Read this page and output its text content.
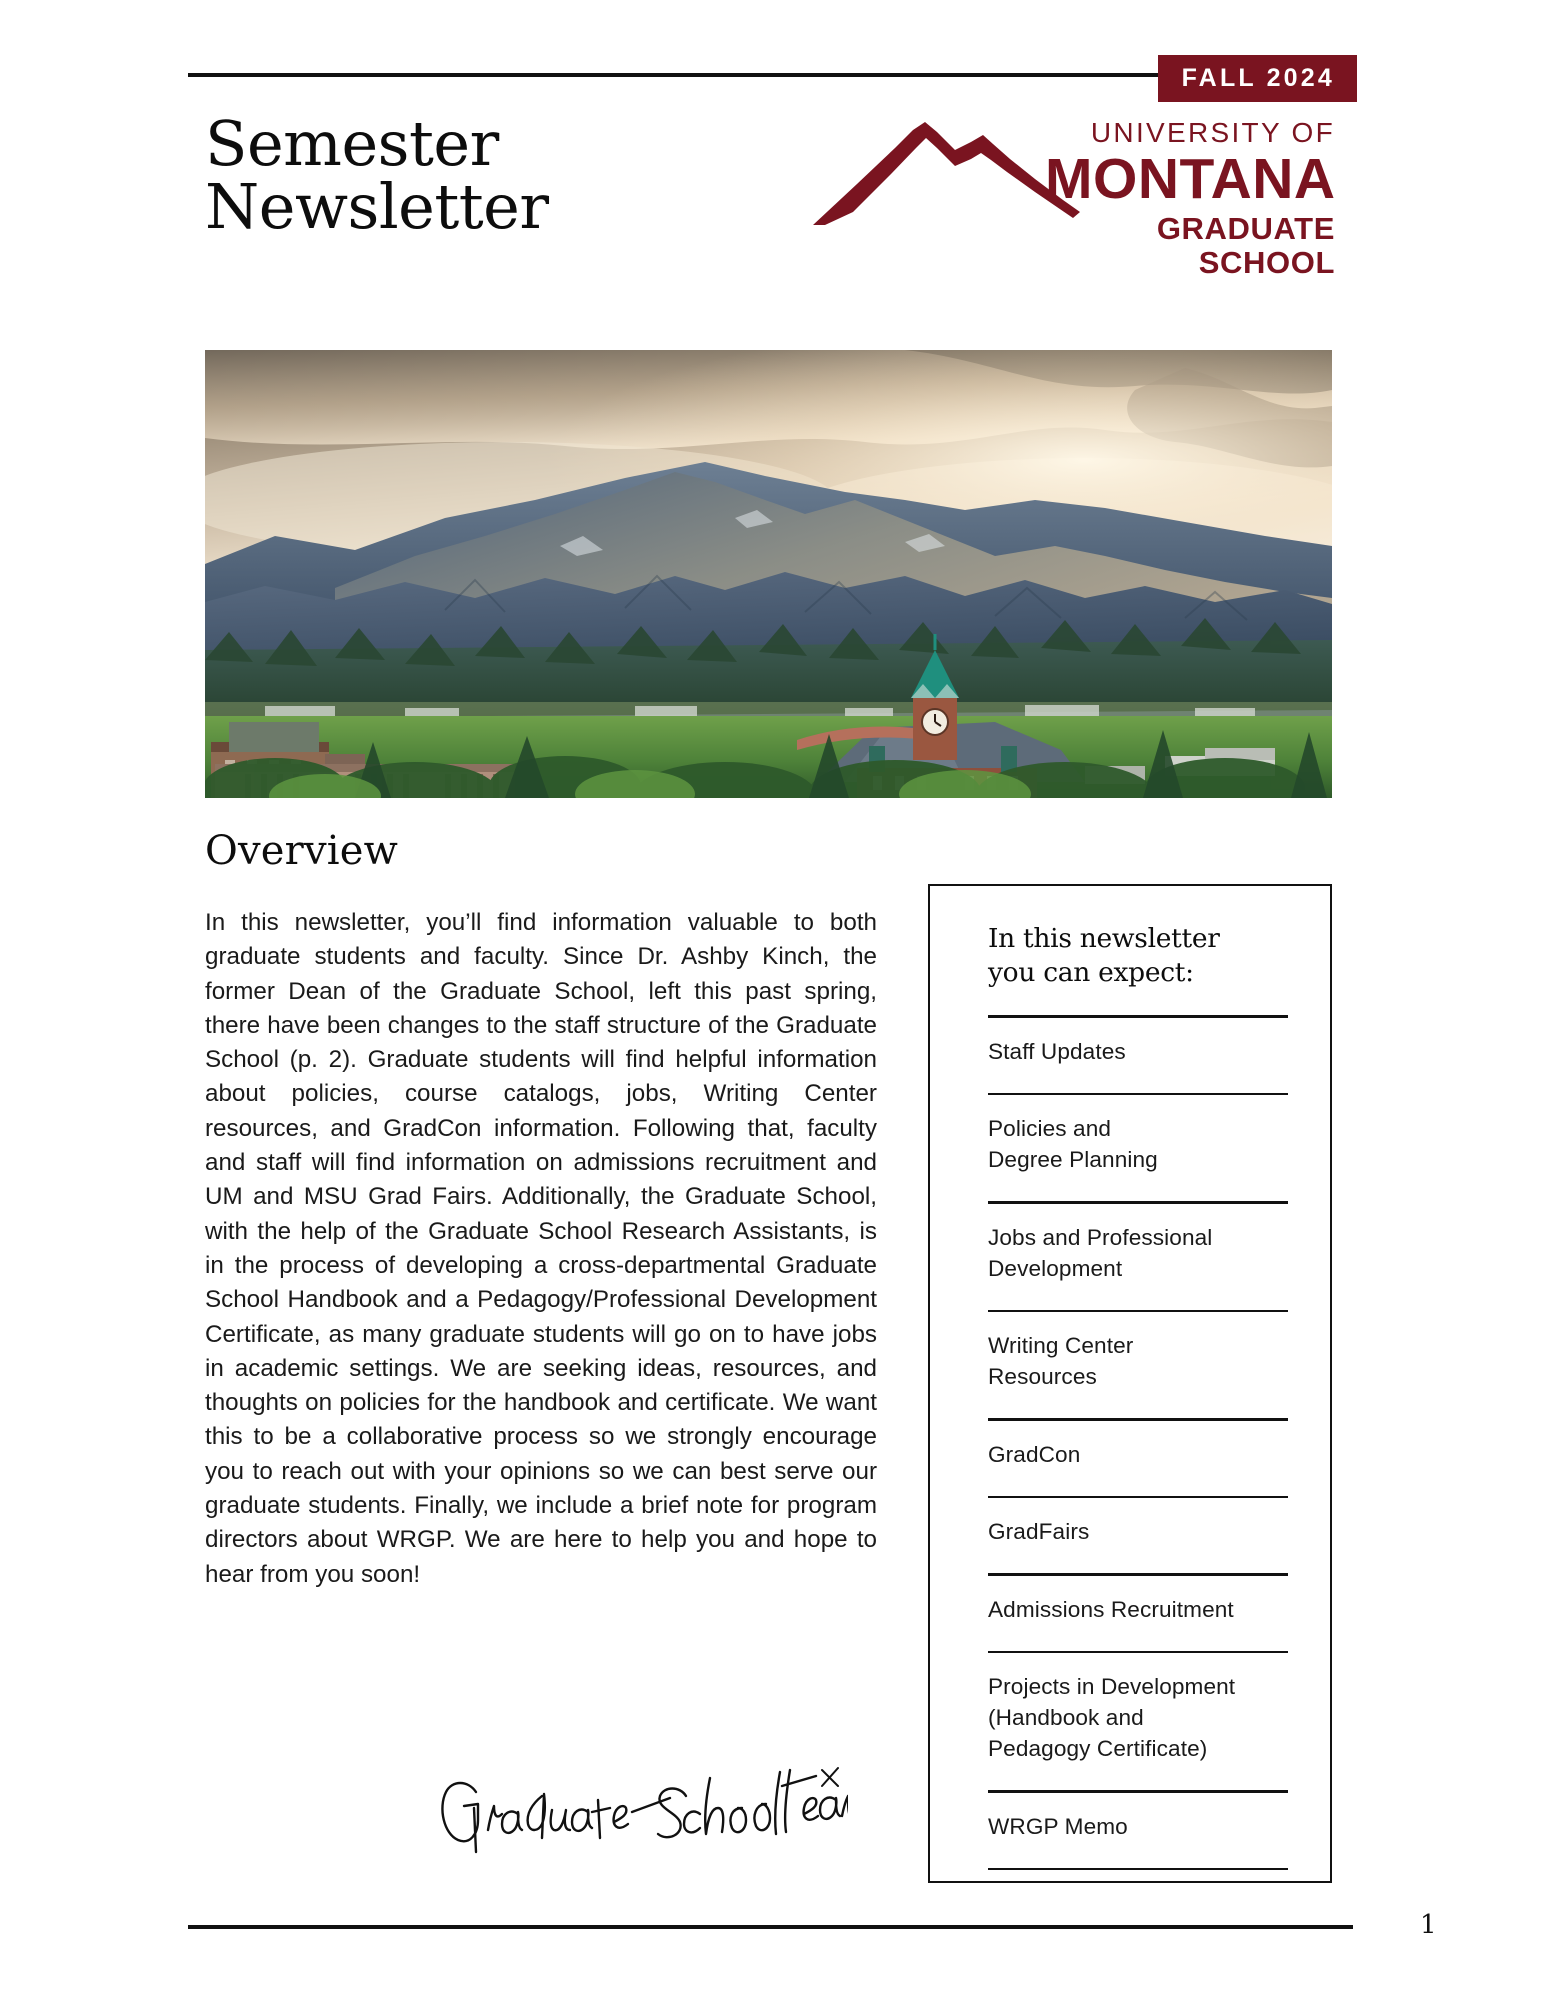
FALL 2024
Semester
Newsletter
UNIVERSITY OF
MONTANA
GRADUATE SCHOOL
Overview

In this newsletter, you’ll find information valuable to both graduate students and faculty. Since Dr. Ashby Kinch, the former Dean of the Graduate School, left this past spring, there have been changes to the staff structure of the Graduate School (p. 2). Graduate students will find helpful information about policies, course catalogs, jobs, Writing Center resources, and GradCon information. Following that, faculty and staff will find information on admissions recruitment and UM and MSU Grad Fairs. Additionally, the Graduate School, with the help of the Graduate School Research Assistants, is in the process of developing a cross-departmental Graduate School Handbook and a Pedagogy/Professional Development Certificate, as many graduate students will go on to have jobs in academic settings. We are seeking ideas, resources, and thoughts on policies for the handbook and certificate. We want this to be a collaborative process so we strongly encourage you to reach out with your opinions so we can best serve our graduate students. Finally, we include a brief note for program directors about WRGP. We are here to help you and hope to hear from you soon!

In this newsletter
you can expect:
Staff Updates
Policies and
Degree Planning
Jobs and Professional
Development
Writing Center
Resources
GradCon
GradFairs
Admissions Recruitment
Projects in Development
(Handbook and
Pedagogy Certificate)
WRGP Memo
1
